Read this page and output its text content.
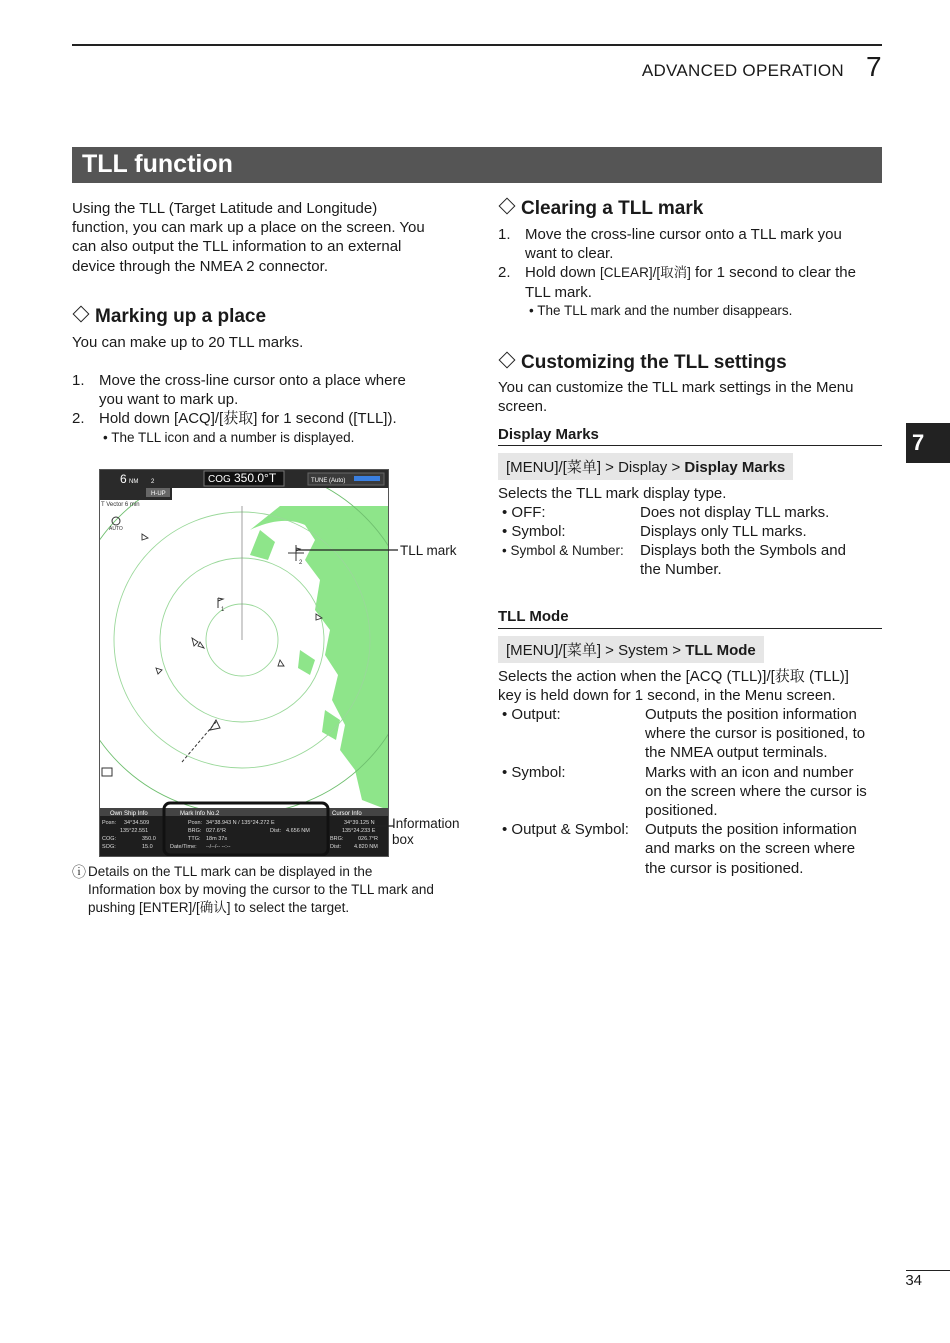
ADVANCED OPERATION 7
TLL function
Using the TLL (Target Latitude and Longitude)
function, you can mark up a place on the screen. You
can also output the TLL information to an external
device through the NMEA 2 connector.
Marking up a place
You can make up to 20 TLL marks.
1. Move the cross-line cursor onto a place where
you want to mark up.
2. Hold down [ACQ]/[获取] for 1 second ([TLL]).
• The TLL icon and a number is displayed.
2
1
6 NM 2	COG 350.0°T	TUNE (Auto)
H-UP
T Vector 6 min
AUTO
Own Ship Info	Mark Info No.2	Cursor Info
Posn: 34°34.509
135°22.551
COG:	350.0
SOG:	15.0
Posn: 34°38.943 N / 135°24.272 E
BRG: 027.6°R	Dist: 4.656 NM
TTG: 18m 37s
Date/Time: --/--/-- --:--
34°39.125 N
135°24.233 E
BRG:	026.7°R
Dist: 4.820 NM
TLL mark
Information
box
ⓘ Details on the TLL mark can be displayed in the
Information box by moving the cursor to the TLL mark and
pushing [ENTER]/[确认] to select the target.
Clearing a TLL mark
1. Move the cross-line cursor onto a TLL mark you
want to clear.
2. Hold down [CLEAR]/[取消] for 1 second to clear the
TLL mark.
• The TLL mark and the number disappears.
Customizing the TLL settings
You can customize the TLL mark settings in the Menu
screen.
Display Marks
[MENU]/[菜单] > Display > Display Marks
Selects the TLL mark display type.
• OFF:	Does not display TLL marks.
• Symbol:	Displays only TLL marks.
• Symbol & Number: Displays both the Symbols and
the Number.
TLL Mode
[MENU]/[菜单] > System > TLL Mode
Selects the action when the [ACQ (TLL)]/[获取 (TLL)]
key is held down for 1 second, in the Menu screen.
• Output:	Outputs the position information
where the cursor is positioned, to
the NMEA output terminals.
• Symbol:	Marks with an icon and number
on the screen where the cursor is
positioned.
• Output & Symbol: Outputs the position information
and marks on the screen where
the cursor is positioned.
7
34
